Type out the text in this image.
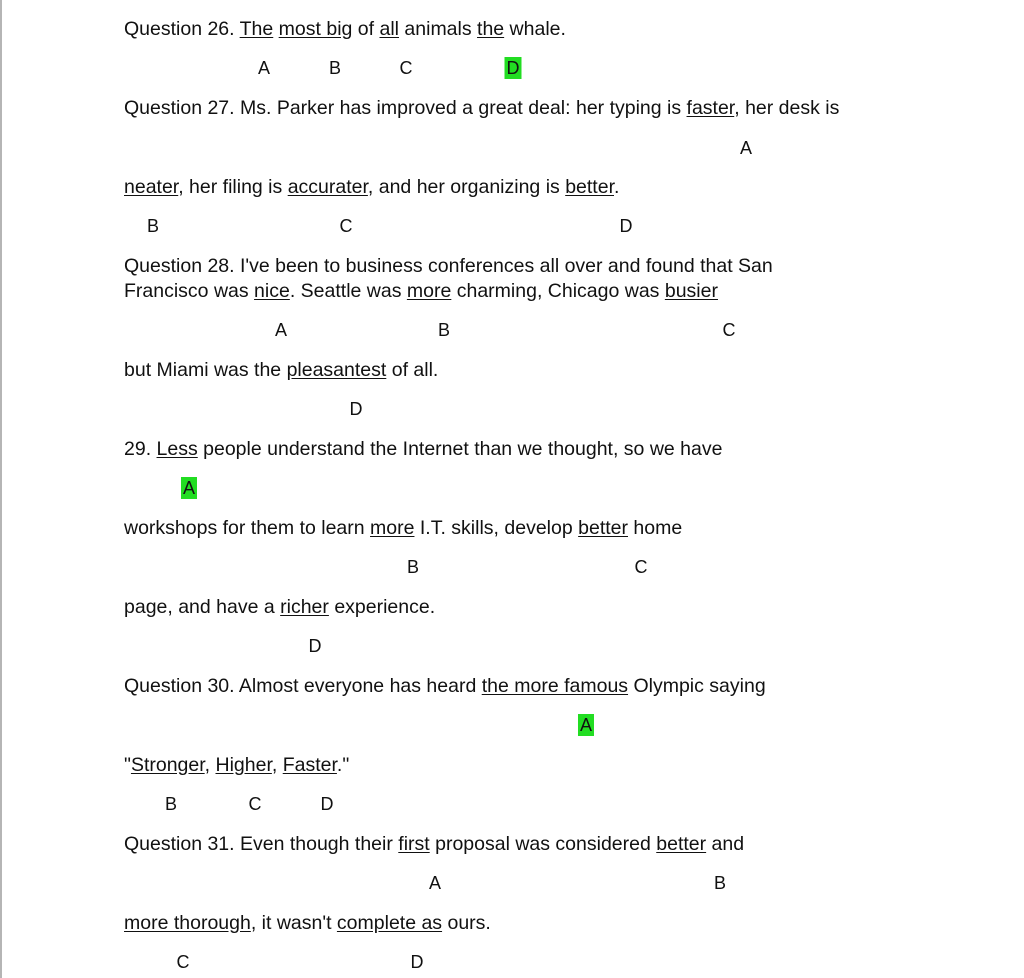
Question 26. The most big of all animals the whale.
A	B	C	D
Question 27. Ms. Parker has improved a great deal: her typing is faster, her desk is
A
neater, her filing is accurater, and her organizing is better.
B	C	D
Question 28. I've been to business conferences all over and found that San
Francisco was nice. Seattle was more charming, Chicago was busier
A	B	C
but Miami was the pleasantest of all.
D
29. Less people understand the Internet than we thought, so we have
A
workshops for them to learn more I.T. skills, develop better home
B	C
page, and have a richer experience.
D
Question 30. Almost everyone has heard the more famous Olympic saying
A
"Stronger, Higher, Faster."
B	C	D
Question 31. Even though their first proposal was considered better and
A	B
more thorough, it wasn't complete as ours.
C	D
